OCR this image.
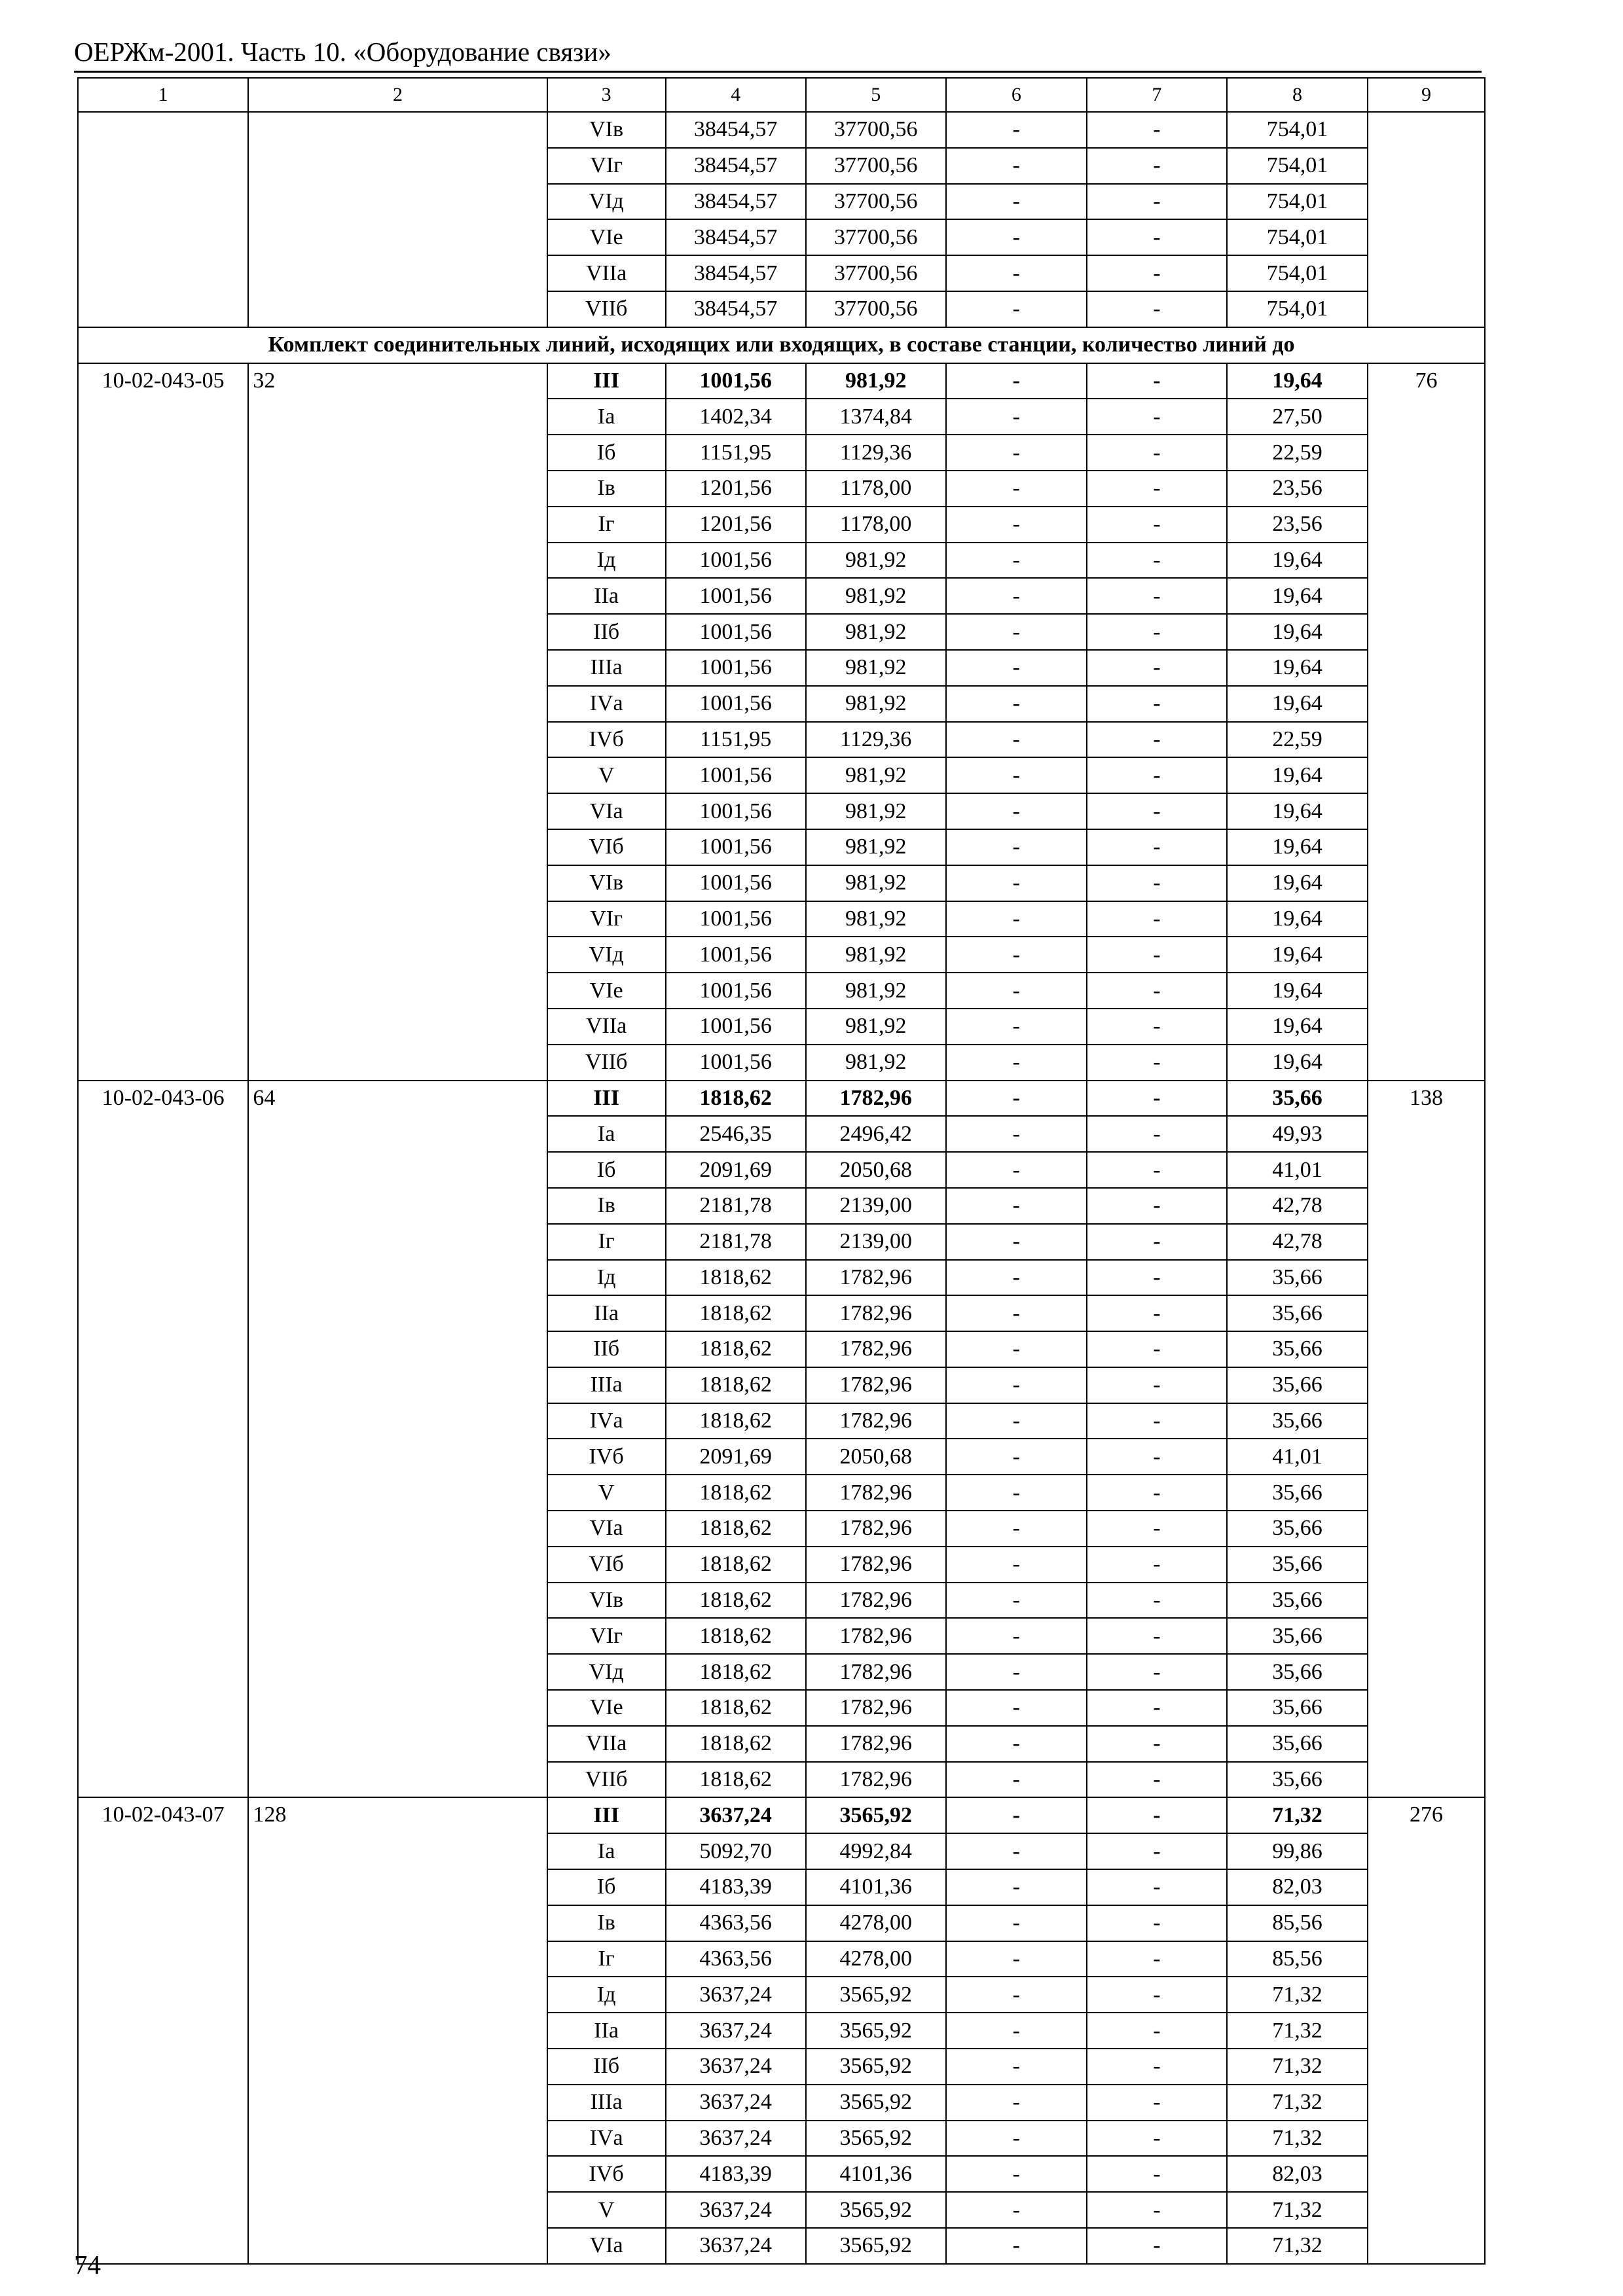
ОЕРЖм-2001. Часть 10. «Оборудование связи»
1	2	3	4	5	6	7	8	9
		VIв	38454,57	37700,56	-	-	754,01	
		VIг	38454,57	37700,56	-	-	754,01	
		VIд	38454,57	37700,56	-	-	754,01	
		VIе	38454,57	37700,56	-	-	754,01	
		VIIа	38454,57	37700,56	-	-	754,01	
		VIIб	38454,57	37700,56	-	-	754,01	
Комплект соединительных линий, исходящих или входящих, в составе станции, количество линий до								
10-02-043-05	32	III	1001,56	981,92	-	-	19,64	76
		Iа	1402,34	1374,84	-	-	27,50	
		Iб	1151,95	1129,36	-	-	22,59	
		Iв	1201,56	1178,00	-	-	23,56	
		Iг	1201,56	1178,00	-	-	23,56	
		Iд	1001,56	981,92	-	-	19,64	
		IIа	1001,56	981,92	-	-	19,64	
		IIб	1001,56	981,92	-	-	19,64	
		IIIа	1001,56	981,92	-	-	19,64	
		IVа	1001,56	981,92	-	-	19,64	
		IVб	1151,95	1129,36	-	-	22,59	
		V	1001,56	981,92	-	-	19,64	
		VIа	1001,56	981,92	-	-	19,64	
		VIб	1001,56	981,92	-	-	19,64	
		VIв	1001,56	981,92	-	-	19,64	
		VIг	1001,56	981,92	-	-	19,64	
		VIд	1001,56	981,92	-	-	19,64	
		VIе	1001,56	981,92	-	-	19,64	
		VIIа	1001,56	981,92	-	-	19,64	
		VIIб	1001,56	981,92	-	-	19,64	
10-02-043-06	64	III	1818,62	1782,96	-	-	35,66	138
		Iа	2546,35	2496,42	-	-	49,93	
		Iб	2091,69	2050,68	-	-	41,01	
		Iв	2181,78	2139,00	-	-	42,78	
		Iг	2181,78	2139,00	-	-	42,78	
		Iд	1818,62	1782,96	-	-	35,66	
		IIа	1818,62	1782,96	-	-	35,66	
		IIб	1818,62	1782,96	-	-	35,66	
		IIIа	1818,62	1782,96	-	-	35,66	
		IVа	1818,62	1782,96	-	-	35,66	
		IVб	2091,69	2050,68	-	-	41,01	
		V	1818,62	1782,96	-	-	35,66	
		VIа	1818,62	1782,96	-	-	35,66	
		VIб	1818,62	1782,96	-	-	35,66	
		VIв	1818,62	1782,96	-	-	35,66	
		VIг	1818,62	1782,96	-	-	35,66	
		VIд	1818,62	1782,96	-	-	35,66	
		VIе	1818,62	1782,96	-	-	35,66	
		VIIа	1818,62	1782,96	-	-	35,66	
		VIIб	1818,62	1782,96	-	-	35,66	
10-02-043-07	128	III	3637,24	3565,92	-	-	71,32	276
		Iа	5092,70	4992,84	-	-	99,86	
		Iб	4183,39	4101,36	-	-	82,03	
		Iв	4363,56	4278,00	-	-	85,56	
		Iг	4363,56	4278,00	-	-	85,56	
		Iд	3637,24	3565,92	-	-	71,32	
		IIа	3637,24	3565,92	-	-	71,32	
		IIб	3637,24	3565,92	-	-	71,32	
		IIIа	3637,24	3565,92	-	-	71,32	
		IVа	3637,24	3565,92	-	-	71,32	
		IVб	4183,39	4101,36	-	-	82,03	
		V	3637,24	3565,92	-	-	71,32	
		VIа	3637,24	3565,92	-	-	71,32	
74
